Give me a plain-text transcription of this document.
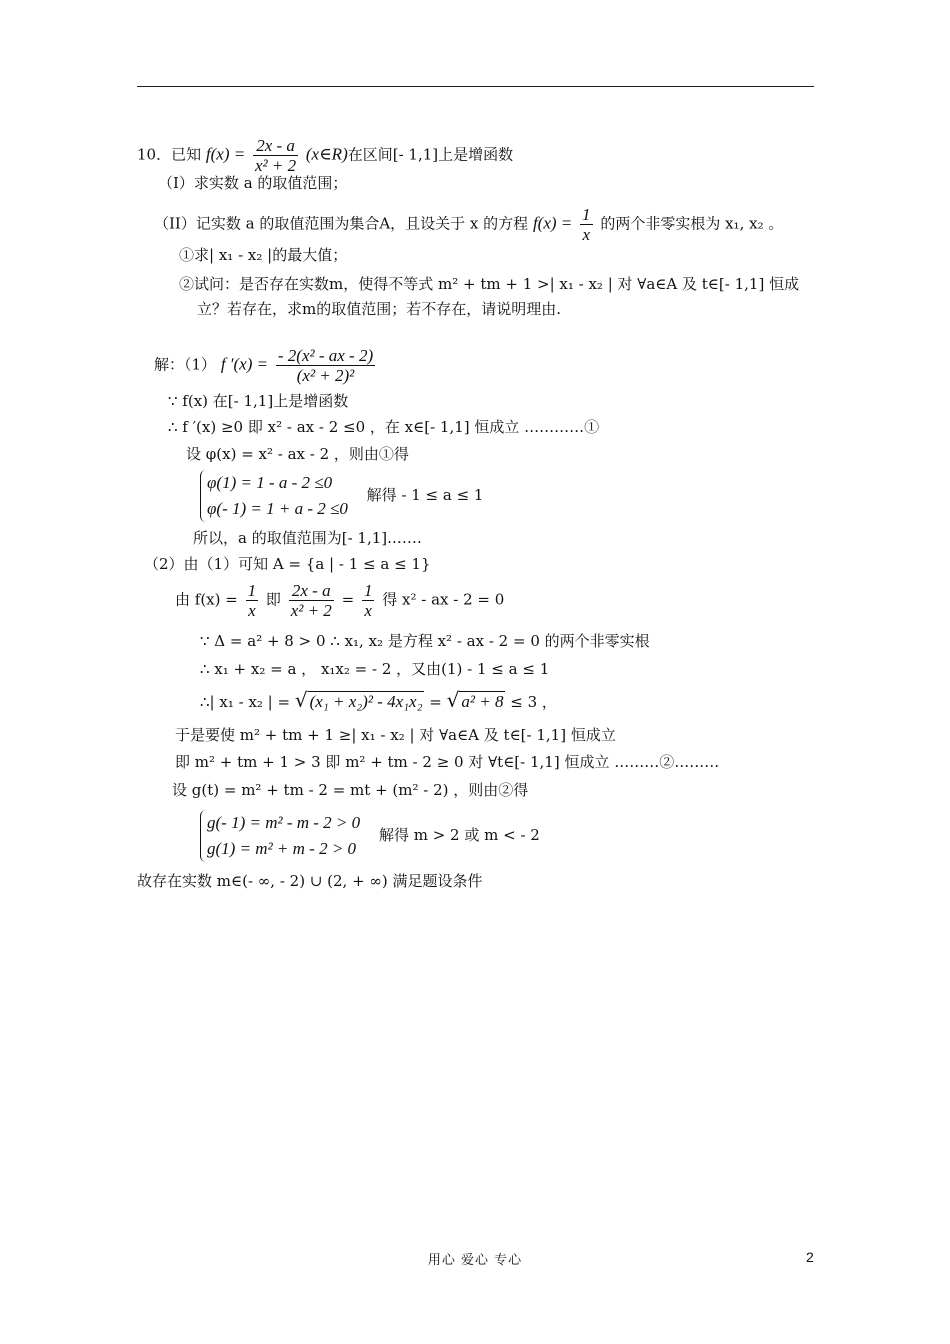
10．已知 $f(x) = \frac{2x - a}{\text{x² + 2}}$ (x∈R)在区间[- 1,1]上是增函数
（I）求实数 a 的取值范围；
（II）记实数 a 的取值范围为集合A，且设关于 x 的方程 $f(x) = \frac{1}{x}$ 的两个非零实根为 x₁, x₂ 。
①求| x₁ - x₂ |的最大值；
②试问：是否存在实数m，使得不等式 m² + tm + 1 >| x₁ - x₂ | 对 ∀a∈A 及 t∈[- 1,1] 恒成
立？若存在，求m的取值范围；若不存在，请说明理由.
解：（1） f $'(x) = \frac{\text{- 2(x² - ax - 2)}}{\text{(x² + 2)²}}$
∵ f(x) 在[- 1,1]上是增函数
∴ f ′(x) ≥0 即 x² - ax - 2 ≤0 ，在 x∈[- 1,1] 恒成立 …………①
设 φ(x) = x² - ax - 2 ，则由①得
φ(1) = 1 - a - 2 ≤0
φ(- 1) = 1 + a - 2 ≤0
解得 - 1 ≤ a ≤ 1
所以，a 的取值范围为[- 1,1].……
（2）由（1）可知 A = {a | - 1 ≤ a ≤ 1}
由 $f(x) = \frac{1}{x}$ 即 $\frac{2x - a}{\text{x² + 2}} = \frac{1}{x}$ 得 x² - ax - 2 = 0
∵ Δ = a² + 8 > 0 ∴ x₁, x₂ 是方程 x² - ax - 2 = 0 的两个非零实根
∴ x₁ + x₂ = a ， x₁x₂ = - 2 ，又由(1) - 1 ≤ a ≤ 1
∴| x₁ - x₂ | = √ (x₁ + x₂)² - 4x₁x₂ = √ a² + 8 ≤ 3 ，
于是要使 m² + tm + 1 ≥| x₁ - x₂ | 对 ∀a∈A 及 t∈[- 1,1] 恒成立
即 m² + tm + 1 > 3 即 m² + tm - 2 ≥ 0 对 ∀t∈[- 1,1] 恒成立 ………②………
设 g(t) = m² + tm - 2 = mt + (m² - 2) ，则由②得
g(- 1) = m² - m - 2 > 0
g(1) = m² + m - 2 > 0
解得 m > 2 或 m < - 2
故存在实数 m∈(- ∞, - 2) ∪ (2, + ∞) 满足题设条件
用心 爱心 专心	2
